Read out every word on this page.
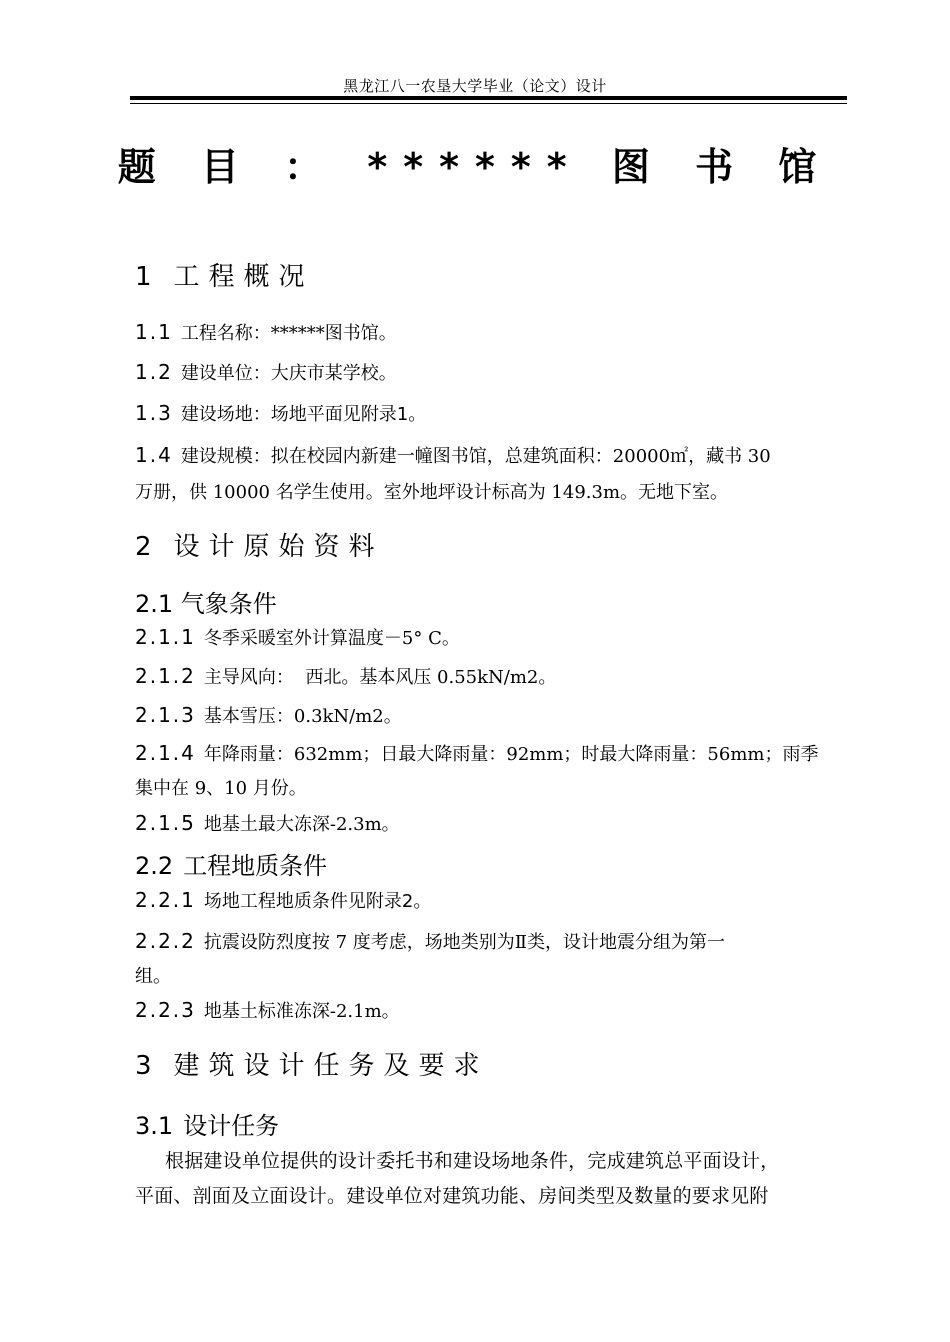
黑龙江八一农垦大学毕业（论文）设计
题 目 ： ****** 图 书 馆
1 工程概况
1.1 工程名称：******图书馆。
1.2 建设单位：大庆市某学校。
1.3 建设场地：场地平面见附录1。
1.4 建设规模：拟在校园内新建一幢图书馆，总建筑面积：20000㎡，藏书 30
万册，供 10000 名学生使用。室外地坪设计标高为 149.3m。无地下室。
2 设计原始资料
2.1 气象条件
2.1.1 冬季采暖室外计算温度－5° C。
2.1.2 主导风向：  西北。基本风压 0.55kN/m2。
2.1.3 基本雪压：0.3kN/m2。
2.1.4 年降雨量：632mm；日最大降雨量：92mm；时最大降雨量：56mm；雨季
集中在 9、10 月份。
2.1.5 地基土最大冻深-2.3m。
2.2 工程地质条件
2.2.1 场地工程地质条件见附录2。
2.2.2 抗震设防烈度按 7 度考虑，场地类别为Ⅱ类，设计地震分组为第一
组。
2.2.3 地基土标准冻深-2.1m。
3 建筑设计任务及要求
3.1 设计任务
根据建设单位提供的设计委托书和建设场地条件，完成建筑总平面设计，
平面、剖面及立面设计。建设单位对建筑功能、房间类型及数量的要求见附
